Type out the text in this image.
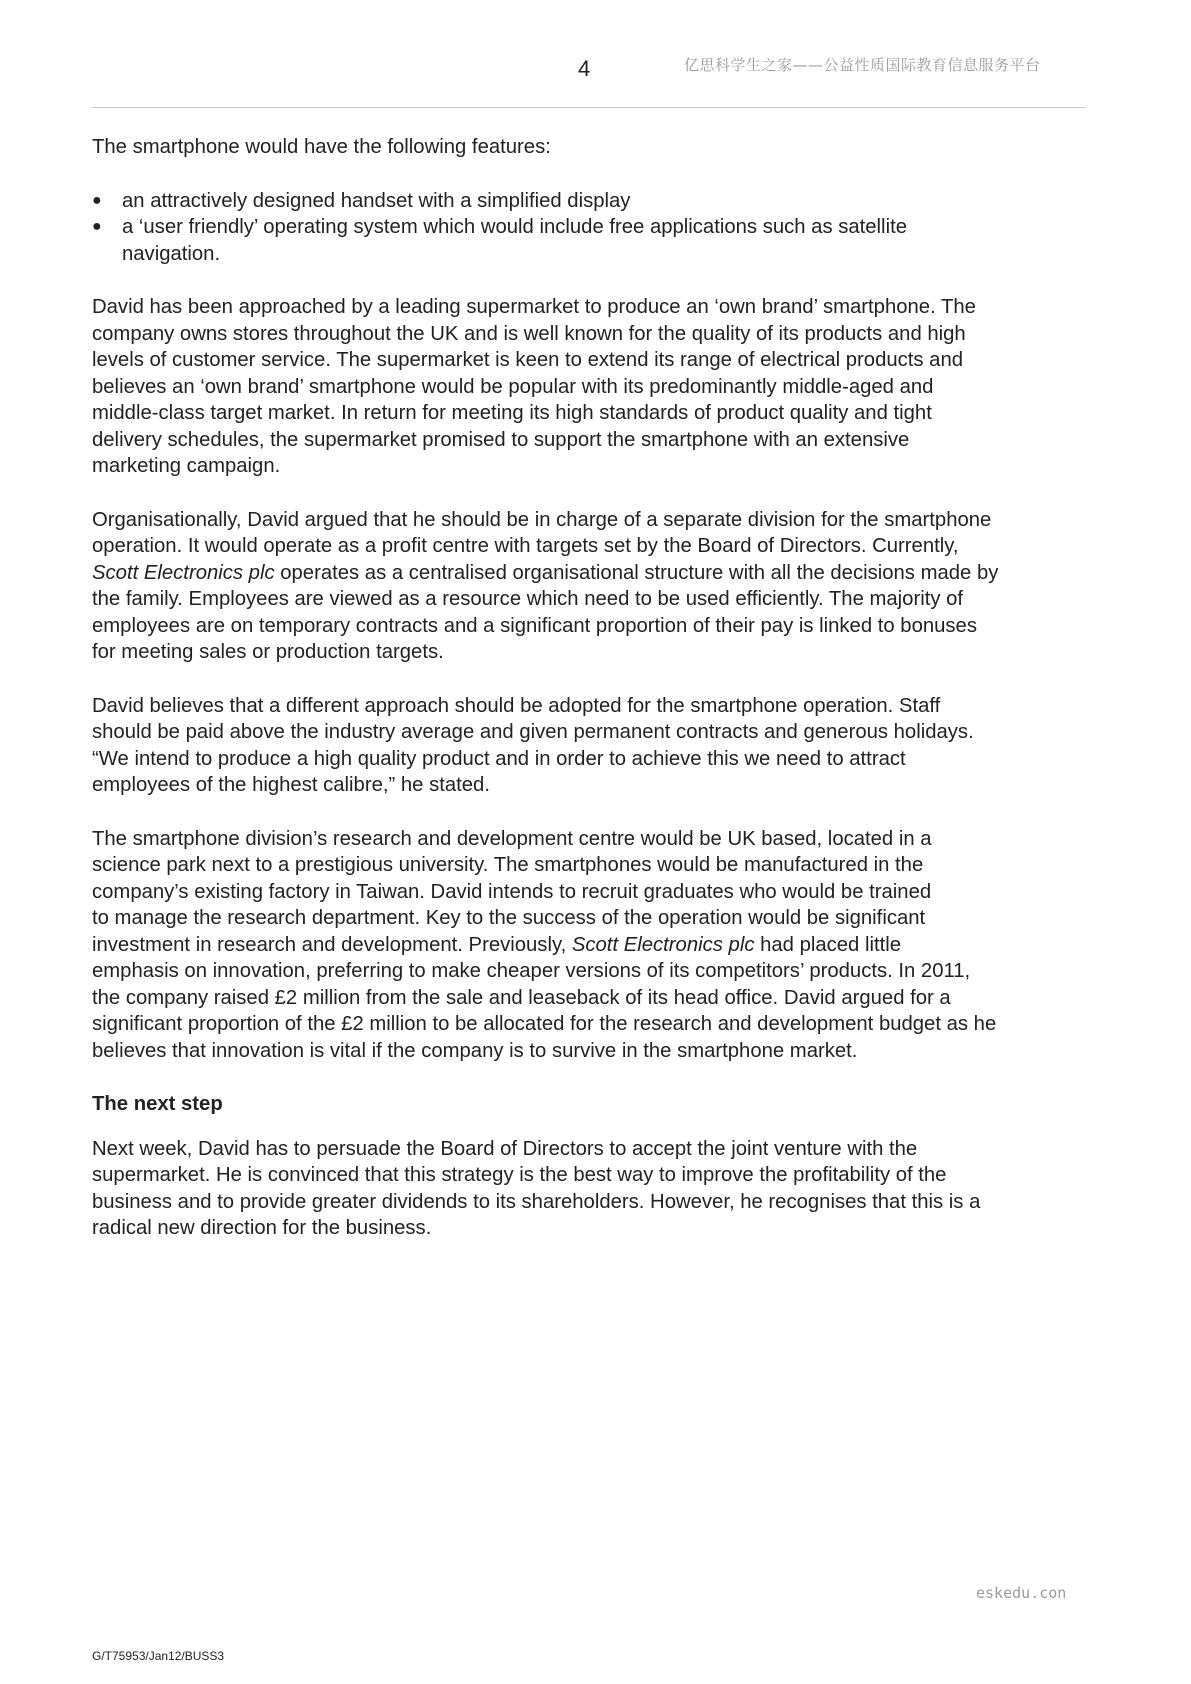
4	亿思科学生之家——公益性质国际教育信息服务平台

The smartphone would have the following features:

● an attractively designed handset with a simplified display
● a ‘user friendly’ operating system which would include free applications such as satellite
navigation.

David has been approached by a leading supermarket to produce an ‘own brand’ smartphone. The
company owns stores throughout the UK and is well known for the quality of its products and high
levels of customer service. The supermarket is keen to extend its range of electrical products and
believes an ‘own brand’ smartphone would be popular with its predominantly middle-aged and
middle-class target market. In return for meeting its high standards of product quality and tight
delivery schedules, the supermarket promised to support the smartphone with an extensive
marketing campaign.

Organisationally, David argued that he should be in charge of a separate division for the smartphone
operation. It would operate as a profit centre with targets set by the Board of Directors. Currently,
Scott Electronics plc operates as a centralised organisational structure with all the decisions made by
the family. Employees are viewed as a resource which need to be used efficiently. The majority of
employees are on temporary contracts and a significant proportion of their pay is linked to bonuses
for meeting sales or production targets.

David believes that a different approach should be adopted for the smartphone operation. Staff
should be paid above the industry average and given permanent contracts and generous holidays.
“We intend to produce a high quality product and in order to achieve this we need to attract
employees of the highest calibre,” he stated.

The smartphone division’s research and development centre would be UK based, located in a
science park next to a prestigious university. The smartphones would be manufactured in the
company’s existing factory in Taiwan. David intends to recruit graduates who would be trained
to manage the research department. Key to the success of the operation would be significant
investment in research and development. Previously, Scott Electronics plc had placed little
emphasis on innovation, preferring to make cheaper versions of its competitors’ products. In 2011,
the company raised £2 million from the sale and leaseback of its head office. David argued for a
significant proportion of the £2 million to be allocated for the research and development budget as he
believes that innovation is vital if the company is to survive in the smartphone market.

The next step

Next week, David has to persuade the Board of Directors to accept the joint venture with the
supermarket. He is convinced that this strategy is the best way to improve the profitability of the
business and to provide greater dividends to its shareholders. However, he recognises that this is a
radical new direction for the business.

eskedu.con
G/T75953/Jan12/BUSS3
